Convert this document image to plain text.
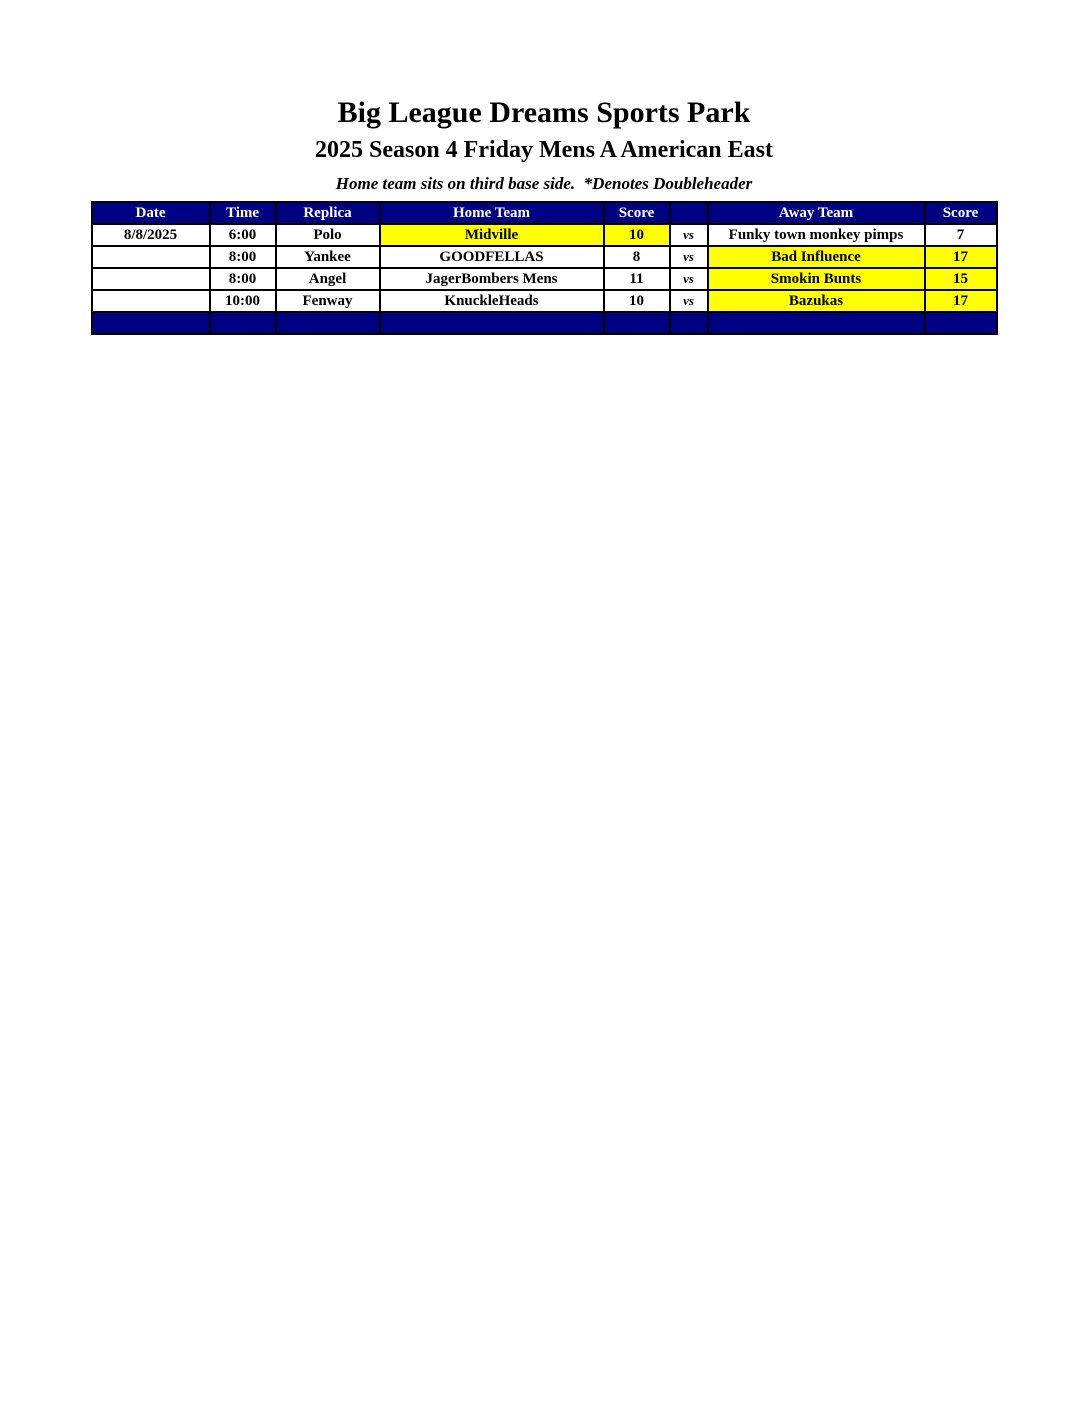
Big League Dreams Sports Park
2025 Season 4 Friday Mens A American East
Home team sits on third base side.  *Denotes Doubleheader
Date	Time	Replica	Home Team	Score		Away Team	Score
8/8/2025	6:00	Polo	Midville	10	vs	Funky town monkey pimps	7
	8:00	Yankee	GOODFELLAS	8	vs	Bad Influence	17
	8:00	Angel	JagerBombers Mens	11	vs	Smokin Bunts	15
	10:00	Fenway	KnuckleHeads	10	vs	Bazukas	17
